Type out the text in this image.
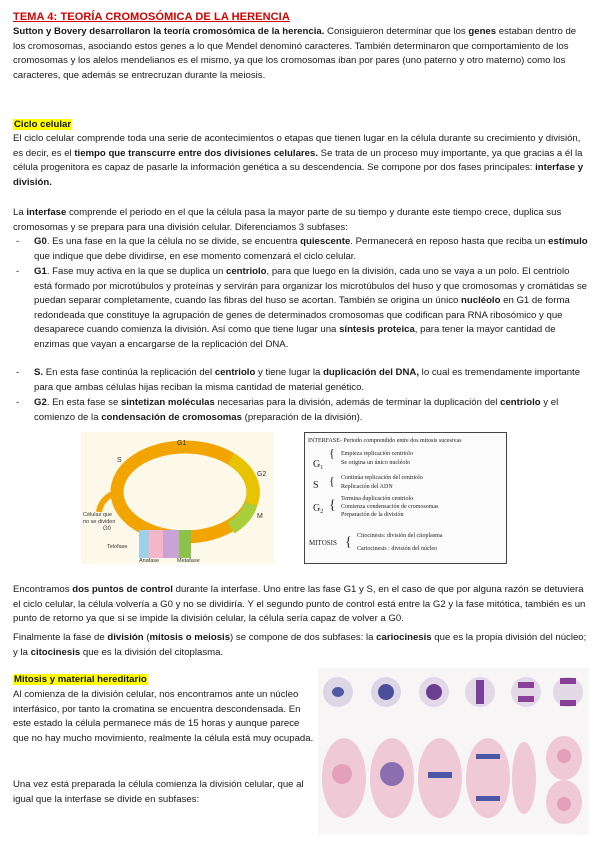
TEMA 4: TEORÍA CROMOSÓMICA DE LA HERENCIA
Sutton y Bovery desarrollaron la teoría cromosómica de la herencia. Consiguieron determinar que los genes estaban dentro de los cromosomas, asociando estos genes a lo que Mendel denominó caracteres. También determinaron que comportamiento de los cromosomas y los alelos mendelianos es el mismo, ya que los cromosomas iban por pares (uno paterno y otro materno) como los caracteres, que además se entrecruzan durante la meiosis.
Ciclo celular
El ciclo celular comprende toda una serie de acontecimientos o etapas que tienen lugar en la célula durante su crecimiento y división, es decir, es el tiempo que transcurre entre dos divisiones celulares. Se trata de un proceso muy importante, ya que gracias a él la célula progenitora es capaz de pasarle la información genética a su descendencia. Se compone por dos fases principales: interfase y división.
La interfase comprende el periodo en el que la célula pasa la mayor parte de su tiempo y durante este tiempo crece, duplica sus cromosomas y se prepara para una división celular. Diferenciamos 3 subfases:
-	G0. Es una fase en la que la célula no se divide, se encuentra quiescente. Permanecerá en reposo hasta que reciba un estímulo que indique que debe dividirse, en ese momento comenzará el ciclo celular.
-	G1. Fase muy activa en la que se duplica un centriolo, para que luego en la división, cada uno se vaya a un polo. El centriolo está formado por microtúbulos y proteínas y servirán para organizar los microtúbulos del huso y que cromosomas y cromátidas se puedan separar completamente, cuando las fibras del huso se acortan. También se origina un único nucléolo en G1 de forma redondeada que constituye la agrupación de genes de determinados cromosomas que codifican para RNA ribosómico y que desaparece cuando comienza la división. Así como que tiene lugar una síntesis proteica, para tener la mayor cantidad de enzimas que vayan a encargarse de la replicación del DNA.
-	S. En esta fase continúa la replicación del centriolo y tiene lugar la duplicación del DNA, lo cual es tremendamente importante para que ambas células hijas reciban la misma cantidad de material genético.
-	G2. En esta fase se sintetizan moléculas necesarias para la división, además de terminar la duplicación del centriolo y el comienzo de la condensación de cromosomas (preparación de la división).
G1
S
G2
M
Células que
no se dividen
G0
Telofase
Anafase	Metafase
INTERFASE- Periodo comprendido entre dos mitosis sucesivas
$G_1$
{ Empieza replicación centriolo
Se origina un único nucléolo
S { Continúa replicación del centriolo
Replicación del ADN
$G_2$ { Termina duplicación centriolo
Comienza condensación de cromosomas
Preparación de la división
MITOSIS { Citocinesis: división del citoplasma
Cariocinesis : división del núcleo
Encontramos dos puntos de control durante la interfase. Uno entre las fase G1 y S, en el caso de que por alguna razón se detuviera el ciclo celular, la célula volvería a G0 y no se dividiría. Y el segundo punto de control está entre la G2 y la fase mitótica, también es un punto de retorno ya que si se impide la división celular, la célula sería capaz de volver a G0.
Finalmente la fase de división (mitosis o meiosis) se compone de dos subfases: la cariocinesis que es la propia división del núcleo; y la citocinesis que es la división del citoplasma.
Mitosis y material hereditario
Al comienza de la división celular, nos encontramos ante un núcleo interfásico, por tanto la cromatina se encuentra descondensada. En este estado la célula permanece más de 15 horas y aunque parece que no hay mucho movimiento, realmente la célula está muy ocupada.
Una vez está preparada la célula comienza la división celular, que al igual que la interfase se divide en subfases:
